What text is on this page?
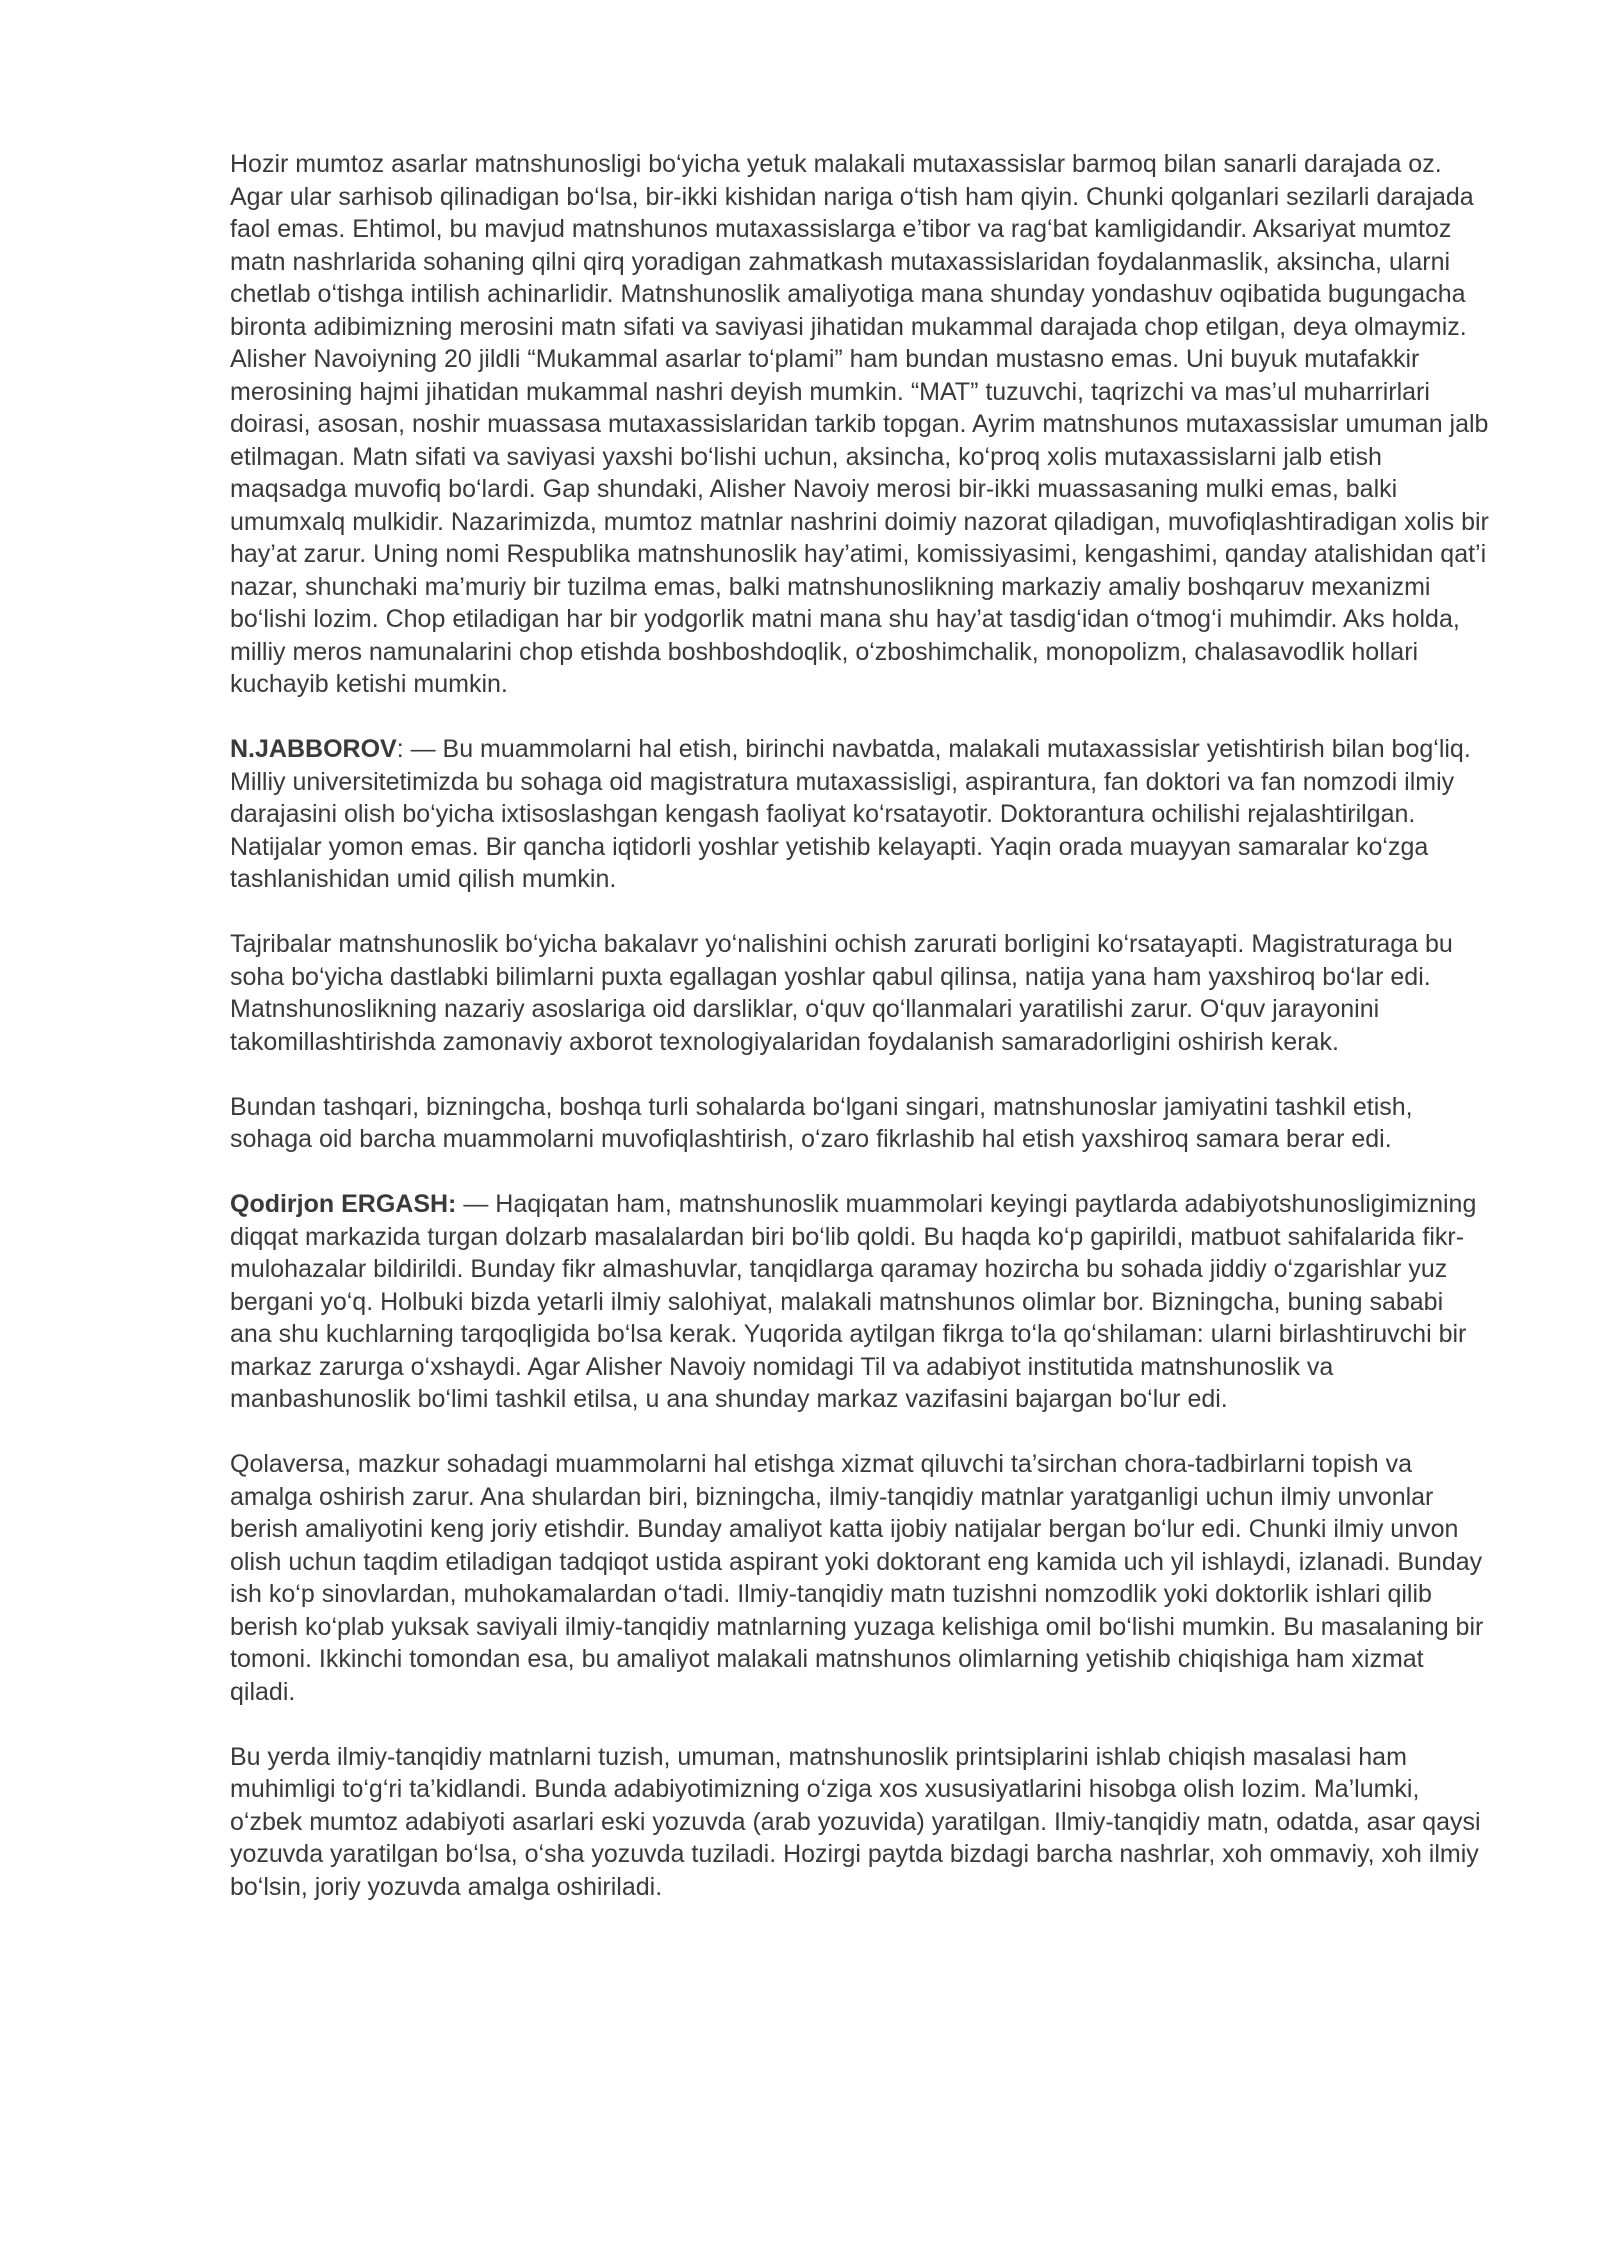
Hozir mumtoz asarlar matnshunosligi bo‘yicha yetuk malakali mutaxassislar barmoq bilan sanarli darajada oz. Agar ular sarhisob qilinadigan bo‘lsa, bir-ikki kishidan nariga o‘tish ham qiyin. Chunki qolganlari sezilarli darajada faol emas. Ehtimol, bu mavjud matnshunos mutaxassislarga e’tibor va rag‘bat kamligidandir. Aksariyat mumtoz matn nashrlarida sohaning qilni qirq yoradigan zahmatkash mutaxassislaridan foydalanmaslik, aksincha, ularni chetlab o‘tishga intilish achinarlidir. Matnshunoslik amaliyotiga mana shunday yondashuv oqibatida bugungacha bironta adibimizning merosini matn sifati va saviyasi jihatidan mukammal darajada chop etilgan, deya olmaymiz. Alisher Navoiyning 20 jildli “Mukammal asarlar to‘plami” ham bundan mustasno emas. Uni buyuk mutafakkir merosining hajmi jihatidan mukammal nashri deyish mumkin. “MAT” tuzuvchi, taqrizchi va mas’ul muharrirlari doirasi, asosan, noshir muassasa mutaxassislaridan tarkib topgan. Ayrim matnshunos mutaxassislar umuman jalb etilmagan. Matn sifati va saviyasi yaxshi bo‘lishi uchun, aksincha, ko‘proq xolis mutaxassislarni jalb etish maqsadga muvofiq bo‘lardi. Gap shundaki, Alisher Navoiy merosi bir-ikki muassasaning mulki emas, balki umumxalq mulkidir. Nazarimizda, mumtoz matnlar nashrini doimiy nazorat qiladigan, muvofiqlashtiradigan xolis bir hay’at zarur. Uning nomi Respublika matnshunoslik hay’atimi, komissiyasimi, kengashimi, qanday atalishidan qat’i nazar, shunchaki ma’muriy bir tuzilma emas, balki matnshunoslikning markaziy amaliy boshqaruv mexanizmi bo‘lishi lozim. Chop etiladigan har bir yodgorlik matni mana shu hay’at tasdig‘idan o‘tmog‘i muhimdir. Aks holda, milliy meros namunalarini chop etishda boshboshdoqlik, o‘zboshimchalik, monopolizm, chalasavodlik hollari kuchayib ketishi mumkin.

N.JABBOROV: — Bu muammolarni hal etish, birinchi navbatda, malakali mutaxassislar yetishtirish bilan bog‘liq. Milliy universitetimizda bu sohaga oid magistratura mutaxassisligi, aspirantura, fan doktori va fan nomzodi ilmiy darajasini olish bo‘yicha ixtisoslashgan kengash faoliyat ko‘rsatayotir. Doktorantura ochilishi rejalashtirilgan. Natijalar yomon emas. Bir qancha iqtidorli yoshlar yetishib kelayapti. Yaqin orada muayyan samaralar ko‘zga tashlanishidan umid qilish mumkin.

Tajribalar matnshunoslik bo‘yicha bakalavr yo‘nalishini ochish zarurati borligini ko‘rsatayapti. Magistraturaga bu soha bo‘yicha dastlabki bilimlarni puxta egallagan yoshlar qabul qilinsa, natija yana ham yaxshiroq bo‘lar edi. Matnshunoslikning nazariy asoslariga oid darsliklar, o‘quv qo‘llanmalari yaratilishi zarur. O‘quv jarayonini takomillashtirishda zamonaviy axborot texnologiyalaridan foydalanish samaradorligini oshirish kerak.

Bundan tashqari, bizningcha, boshqa turli sohalarda bo‘lgani singari, matnshunoslar jamiyatini tashkil etish, sohaga oid barcha muammolarni muvofiqlashtirish, o‘zaro fikrlashib hal etish yaxshiroq samara berar edi.

Qodirjon ERGASH: — Haqiqatan ham, matnshunoslik muammolari keyingi paytlarda adabiyotshunosligimizning diqqat markazida turgan dolzarb masalalardan biri bo‘lib qoldi. Bu haqda ko‘p gapirildi, matbuot sahifalarida fikr-mulohazalar bildirildi. Bunday fikr almashuvlar, tanqidlarga qaramay hozircha bu sohada jiddiy o‘zgarishlar yuz bergani yo‘q. Holbuki bizda yetarli ilmiy salohiyat, malakali matnshunos olimlar bor. Bizningcha, buning sababi ana shu kuchlarning tarqoqligida bo‘lsa kerak. Yuqorida aytilgan fikrga to‘la qo‘shilaman: ularni birlashtiruvchi bir markaz zarurga o‘xshaydi. Agar Alisher Navoiy nomidagi Til va adabiyot institutida matnshunoslik va manbashunoslik bo‘limi tashkil etilsa, u ana shunday markaz vazifasini bajargan bo‘lur edi.

Qolaversa, mazkur sohadagi muammolarni hal etishga xizmat qiluvchi ta’sirchan chora-tadbirlarni topish va amalga oshirish zarur. Ana shulardan biri, bizningcha, ilmiy-tanqidiy matnlar yaratganligi uchun ilmiy unvonlar berish amaliyotini keng joriy etishdir. Bunday amaliyot katta ijobiy natijalar bergan bo‘lur edi. Chunki ilmiy unvon olish uchun taqdim etiladigan tadqiqot ustida aspirant yoki doktorant eng kamida uch yil ishlaydi, izlanadi. Bunday ish ko‘p sinovlardan, muhokamalardan o‘tadi. Ilmiy-tanqidiy matn tuzishni nomzodlik yoki doktorlik ishlari qilib berish ko‘plab yuksak saviyali ilmiy-tanqidiy matnlarning yuzaga kelishiga omil bo‘lishi mumkin. Bu masalaning bir tomoni. Ikkinchi tomondan esa, bu amaliyot malakali matnshunos olimlarning yetishib chiqishiga ham xizmat qiladi.

Bu yerda ilmiy-tanqidiy matnlarni tuzish, umuman, matnshunoslik printsiplarini ishlab chiqish masalasi ham muhimligi to‘g‘ri ta’kidlandi. Bunda adabiyotimizning o‘ziga xos xususiyatlarini hisobga olish lozim. Ma’lumki, o‘zbek mumtoz adabiyoti asarlari eski yozuvda (arab yozuvida) yaratilgan. Ilmiy-tanqidiy matn, odatda, asar qaysi yozuvda yaratilgan bo‘lsa, o‘sha yozuvda tuziladi. Hozirgi paytda bizdagi barcha nashrlar, xoh ommaviy, xoh ilmiy bo‘lsin, joriy yozuvda amalga oshiriladi.
